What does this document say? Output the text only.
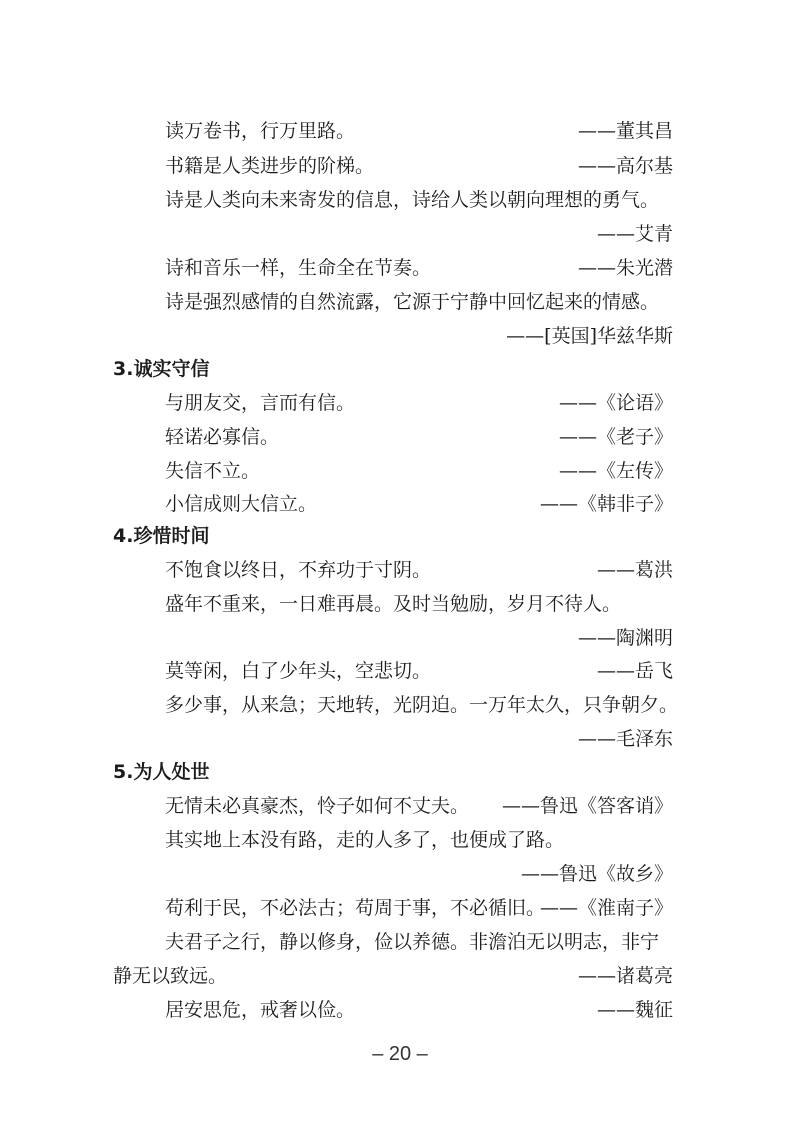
读万卷书，行万里路。	——董其昌
书籍是人类进步的阶梯。	——高尔基
诗是人类向未来寄发的信息，诗给人类以朝向理想的勇气。
——艾青
诗和音乐一样，生命全在节奏。	——朱光潜
诗是强烈感情的自然流露，它源于宁静中回忆起来的情感。
——[英国]华兹华斯
3.诚实守信
与朋友交，言而有信。	——《论语》
轻诺必寡信。	——《老子》
失信不立。	——《左传》
小信成则大信立。	——《韩非子》
4.珍惜时间
不饱食以终日，不弃功于寸阴。	——葛洪
盛年不重来，一日难再晨。及时当勉励，岁月不待人。
——陶渊明
莫等闲，白了少年头，空悲切。	——岳飞
多少事，从来急；天地转，光阴迫。一万年太久，只争朝夕。
——毛泽东
5.为人处世
无情未必真豪杰，怜子如何不丈夫。 ——鲁迅《答客诮》
其实地上本没有路，走的人多了，也便成了路。
——鲁迅《故乡》
苟利于民，不必法古；苟周于事，不必循旧。
——《淮南子》
夫君子之行，静以修身，俭以养德。非澹泊无以明志，非宁
静无以致远。	——诸葛亮
居安思危，戒奢以俭。	——魏征
– 20 –
